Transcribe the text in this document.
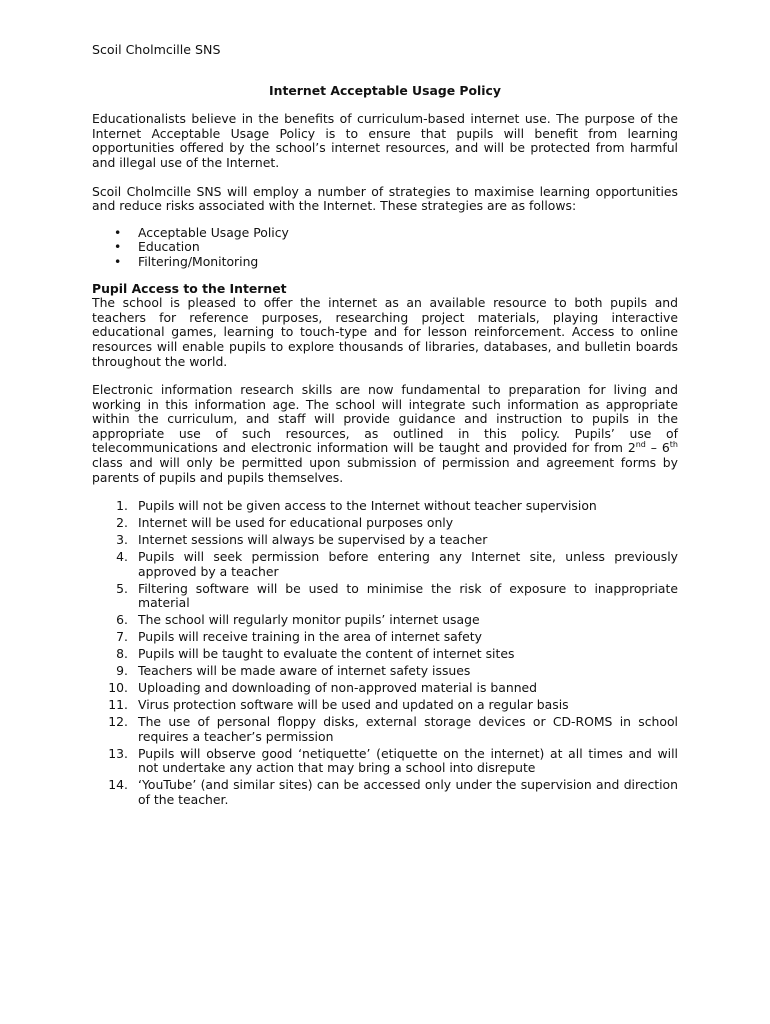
Scoil Cholmcille SNS
Internet Acceptable Usage Policy

Educationalists believe in the benefits of curriculum-based internet use. The purpose of the Internet Acceptable Usage Policy is to ensure that pupils will benefit from learning opportunities offered by the school’s internet resources, and will be protected from harmful and illegal use of the Internet.

Scoil Cholmcille SNS will employ a number of strategies to maximise learning opportunities and reduce risks associated with the Internet. These strategies are as follows:

• Acceptable Usage Policy
• Education
• Filtering/Monitoring
Pupil Access to the Internet

The school is pleased to offer the internet as an available resource to both pupils and teachers for reference purposes, researching project materials, playing interactive educational games, learning to touch-type and for lesson reinforcement. Access to online resources will enable pupils to explore thousands of libraries, databases, and bulletin boards throughout the world.

Electronic information research skills are now fundamental to preparation for living and working in this information age. The school will integrate such information as appropriate within the curriculum, and staff will provide guidance and instruction to pupils in the appropriate use of such resources, as outlined in this policy. Pupils’ use of telecommunications and electronic information will be taught and provided for from 2nd – 6th class and will only be permitted upon submission of permission and agreement forms by parents of pupils and pupils themselves.

1. Pupils will not be given access to the Internet without teacher supervision
2. Internet will be used for educational purposes only
3. Internet sessions will always be supervised by a teacher
4. Pupils will seek permission before entering any Internet site, unless previously approved by a teacher
5. Filtering software will be used to minimise the risk of exposure to inappropriate material
6. The school will regularly monitor pupils’ internet usage
7. Pupils will receive training in the area of internet safety
8. Pupils will be taught to evaluate the content of internet sites
9. Teachers will be made aware of internet safety issues
10. Uploading and downloading of non-approved material is banned
11. Virus protection software will be used and updated on a regular basis
12. The use of personal floppy disks, external storage devices or CD-ROMS in school requires a teacher’s permission
13. Pupils will observe good ‘netiquette’ (etiquette on the internet) at all times and will not undertake any action that may bring a school into disrepute
14. ‘YouTube’ (and similar sites) can be accessed only under the supervision and direction of the teacher.
